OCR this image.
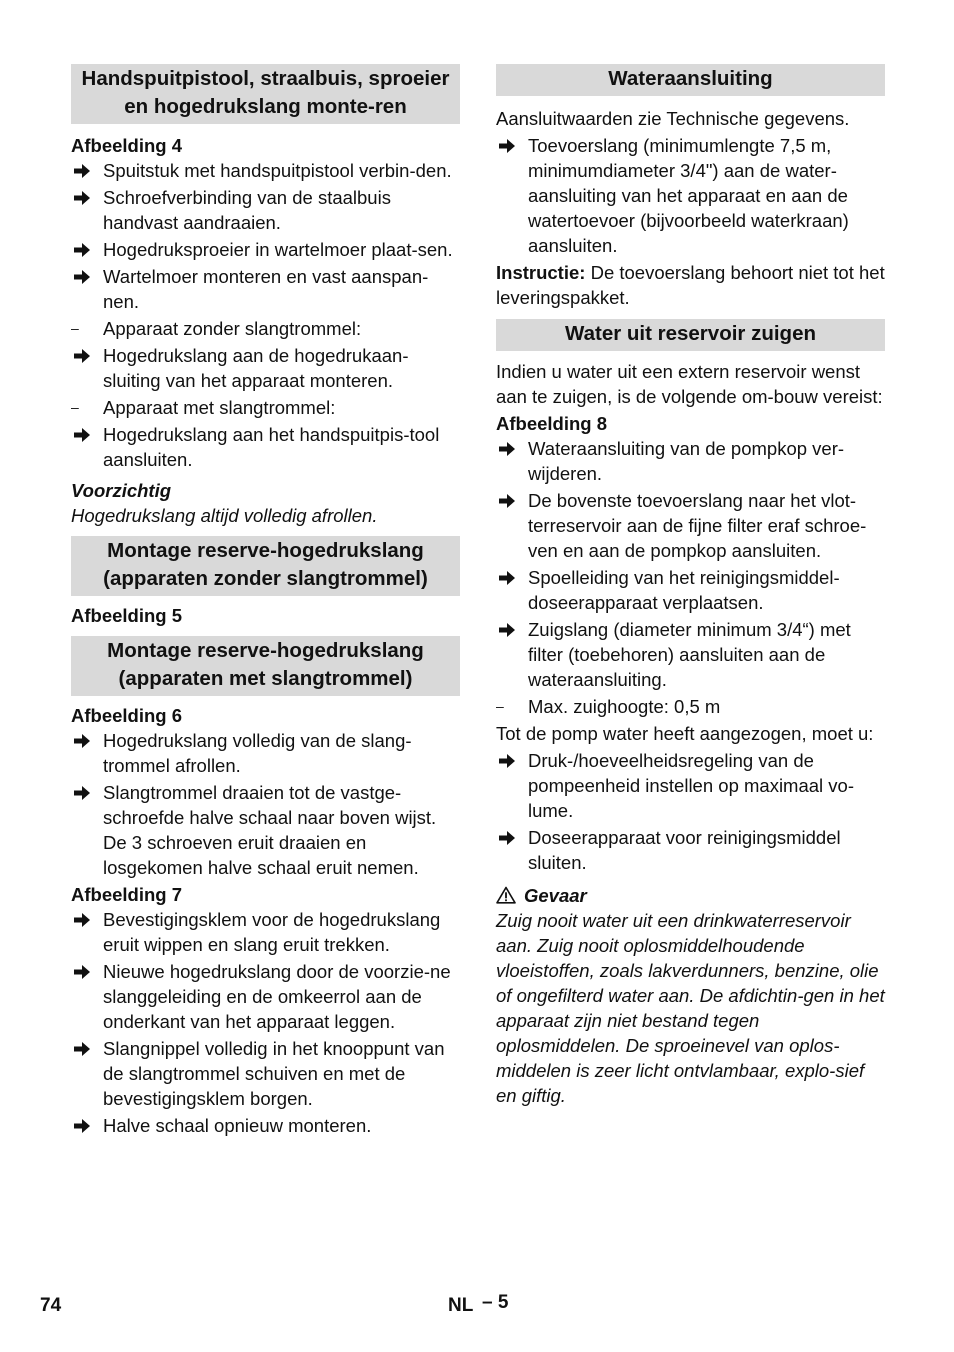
Handspuitpistool, straalbuis, sproeier en hogedrukslang monte-ren
Afbeelding 4
Spuitstuk met handspuitpistool verbin-den.
Schroefverbinding van de staalbuis handvast aandraaien.
Hogedruksproeier in wartelmoer plaat-sen.
Wartelmoer monteren en vast aanspan-nen.
–	Apparaat zonder slangtrommel:
Hogedrukslang aan de hogedrukaan-sluiting van het apparaat monteren.
–	Apparaat met slangtrommel:
Hogedrukslang aan het handspuitpis-tool aansluiten.
Voorzichtig
Hogedrukslang altijd volledig afrollen.
Montage reserve-hogedrukslang (apparaten zonder slangtrommel)
Afbeelding 5
Montage reserve-hogedrukslang (apparaten met slangtrommel)
Afbeelding 6
Hogedrukslang volledig van de slang-trommel afrollen.
Slangtrommel draaien tot de vastge-schroefde halve schaal naar boven wijst. De 3 schroeven eruit draaien en losgekomen halve schaal eruit nemen.
Afbeelding 7
Bevestigingsklem voor de hogedrukslang eruit wippen en slang eruit trekken.
Nieuwe hogedrukslang door de voorzie-ne slanggeleiding en de omkeerrol aan de onderkant van het apparaat leggen.
Slangnippel volledig in het knooppunt van de slangtrommel schuiven en met de bevestigingsklem borgen.
Halve schaal opnieuw monteren.
Wateraansluiting
Aansluitwaarden zie Technische gegevens.
Toevoerslang (minimumlengte 7,5 m, minimumdiameter 3/4") aan de water-aansluiting van het apparaat en aan de watertoevoer (bijvoorbeeld waterkraan) aansluiten.
Instructie: De toevoerslang behoort niet tot het leveringspakket.
Water uit reservoir zuigen
Indien u water uit een extern reservoir wenst aan te zuigen, is de volgende om-bouw vereist:
Afbeelding 8
Wateraansluiting van de pompkop ver-wijderen.
De bovenste toevoerslang naar het vlot-terreservoir aan de fijne filter eraf schroe-ven en aan de pompkop aansluiten.
Spoelleiding van het reinigingsmiddel-doseerapparaat verplaatsen.
Zuigslang (diameter minimum 3/4“) met filter (toebehoren) aansluiten aan de wateraansluiting.
–	Max. zuighoogte: 0,5 m
Tot de pomp water heeft aangezogen, moet u:
Druk-/hoeveelheidsregeling van de pompeenheid instellen op maximaal vo-lume.
Doseerapparaat voor reinigingsmiddel sluiten.
Gevaar
Zuig nooit water uit een drinkwaterreservoir aan. Zuig nooit oplosmiddelhoudende vloeistoffen, zoals lakverdunners, benzine, olie of ongefilterd water aan. De afdichtin-gen in het apparaat zijn niet bestand tegen oplosmiddelen. De sproeinevel van oplos-middelen is zeer licht ontvlambaar, explo-sief en giftig.
74	NL – 5
